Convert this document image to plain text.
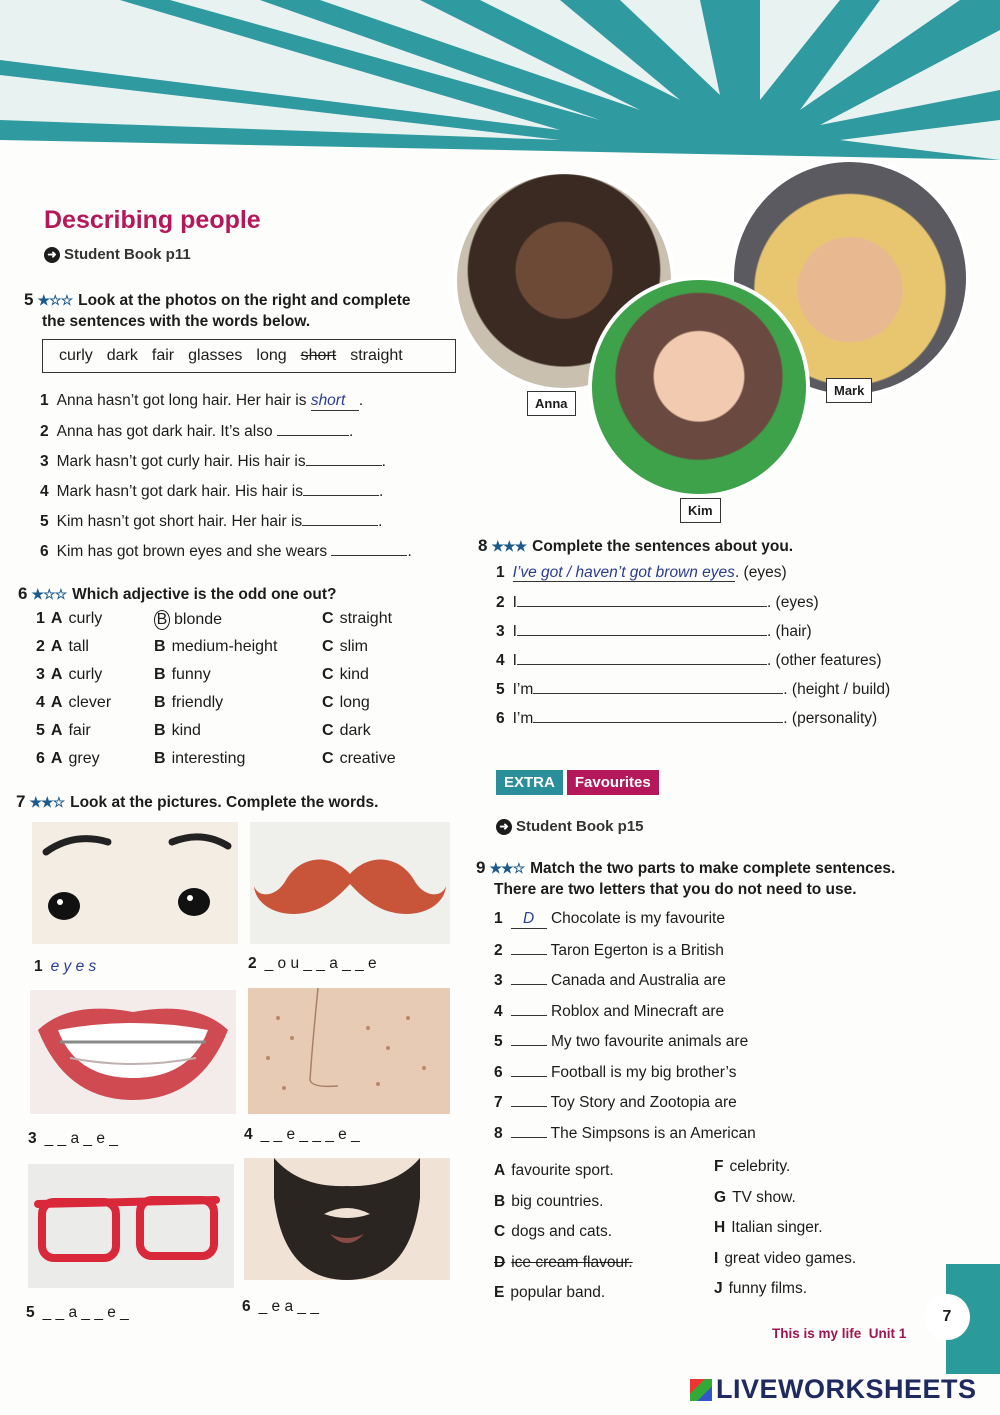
Describing people
➜ Student Book p11
5 ★☆☆ Look at the photos on the right and complete
the sentences with the words below.
curly dark fair glasses long short straight
1 Anna hasn’t got long hair. Her hair is short .
2 Anna has got dark hair. It’s also	.
3 Mark hasn’t got curly hair. His hair is	.
4 Mark hasn’t got dark hair. His hair is	.
5 Kim hasn’t got short hair. Her hair is	.
6 Kim has got brown eyes and she wears	.
6 ★☆☆ Which adjective is the odd one out?
1 A curly	B blonde	C straight
2 A tall	B medium-height	C slim
3 A curly	B funny	C kind
4 A clever	B friendly	C long
5 A fair	B kind	C dark
6 A grey	B interesting	C creative
7 ★★☆ Look at the pictures. Complete the words.
1 e y e s	2 _ o u _ _ a _ _ e
3 _ _ a _ e _	4 _ _ e _ _ _ e _
5 _ _ a _ _ e _	6 _ e a _ _
Anna
Mark
Kim
8 ★★★ Complete the sentences about you.
1 I’ve got / haven’t got brown eyes. (eyes)
2 I	. (eyes)
3 I	. (hair)
4 I	. (other features)
5 I’m	. (height / build)
6 I’m	. (personality)
EXTRA	Favourites
➜ Student Book p15
9 ★★☆ Match the two parts to make complete sentences.
There are two letters that you do not need to use.
1 D Chocolate is my favourite
2	Taron Egerton is a British
3	Canada and Australia are
4	Roblox and Minecraft are
5	My two favourite animals are
6	Football is my big brother’s
7	Toy Story and Zootopia are
8	The Simpsons is an American
A favourite sport.
B big countries.
C dogs and cats.
D ice cream flavour.
E popular band.
F celebrity.
G TV show.
H Italian singer.
I great video games.
J funny films.
7
This is my life Unit 1
LIVEWORKSHEETS
